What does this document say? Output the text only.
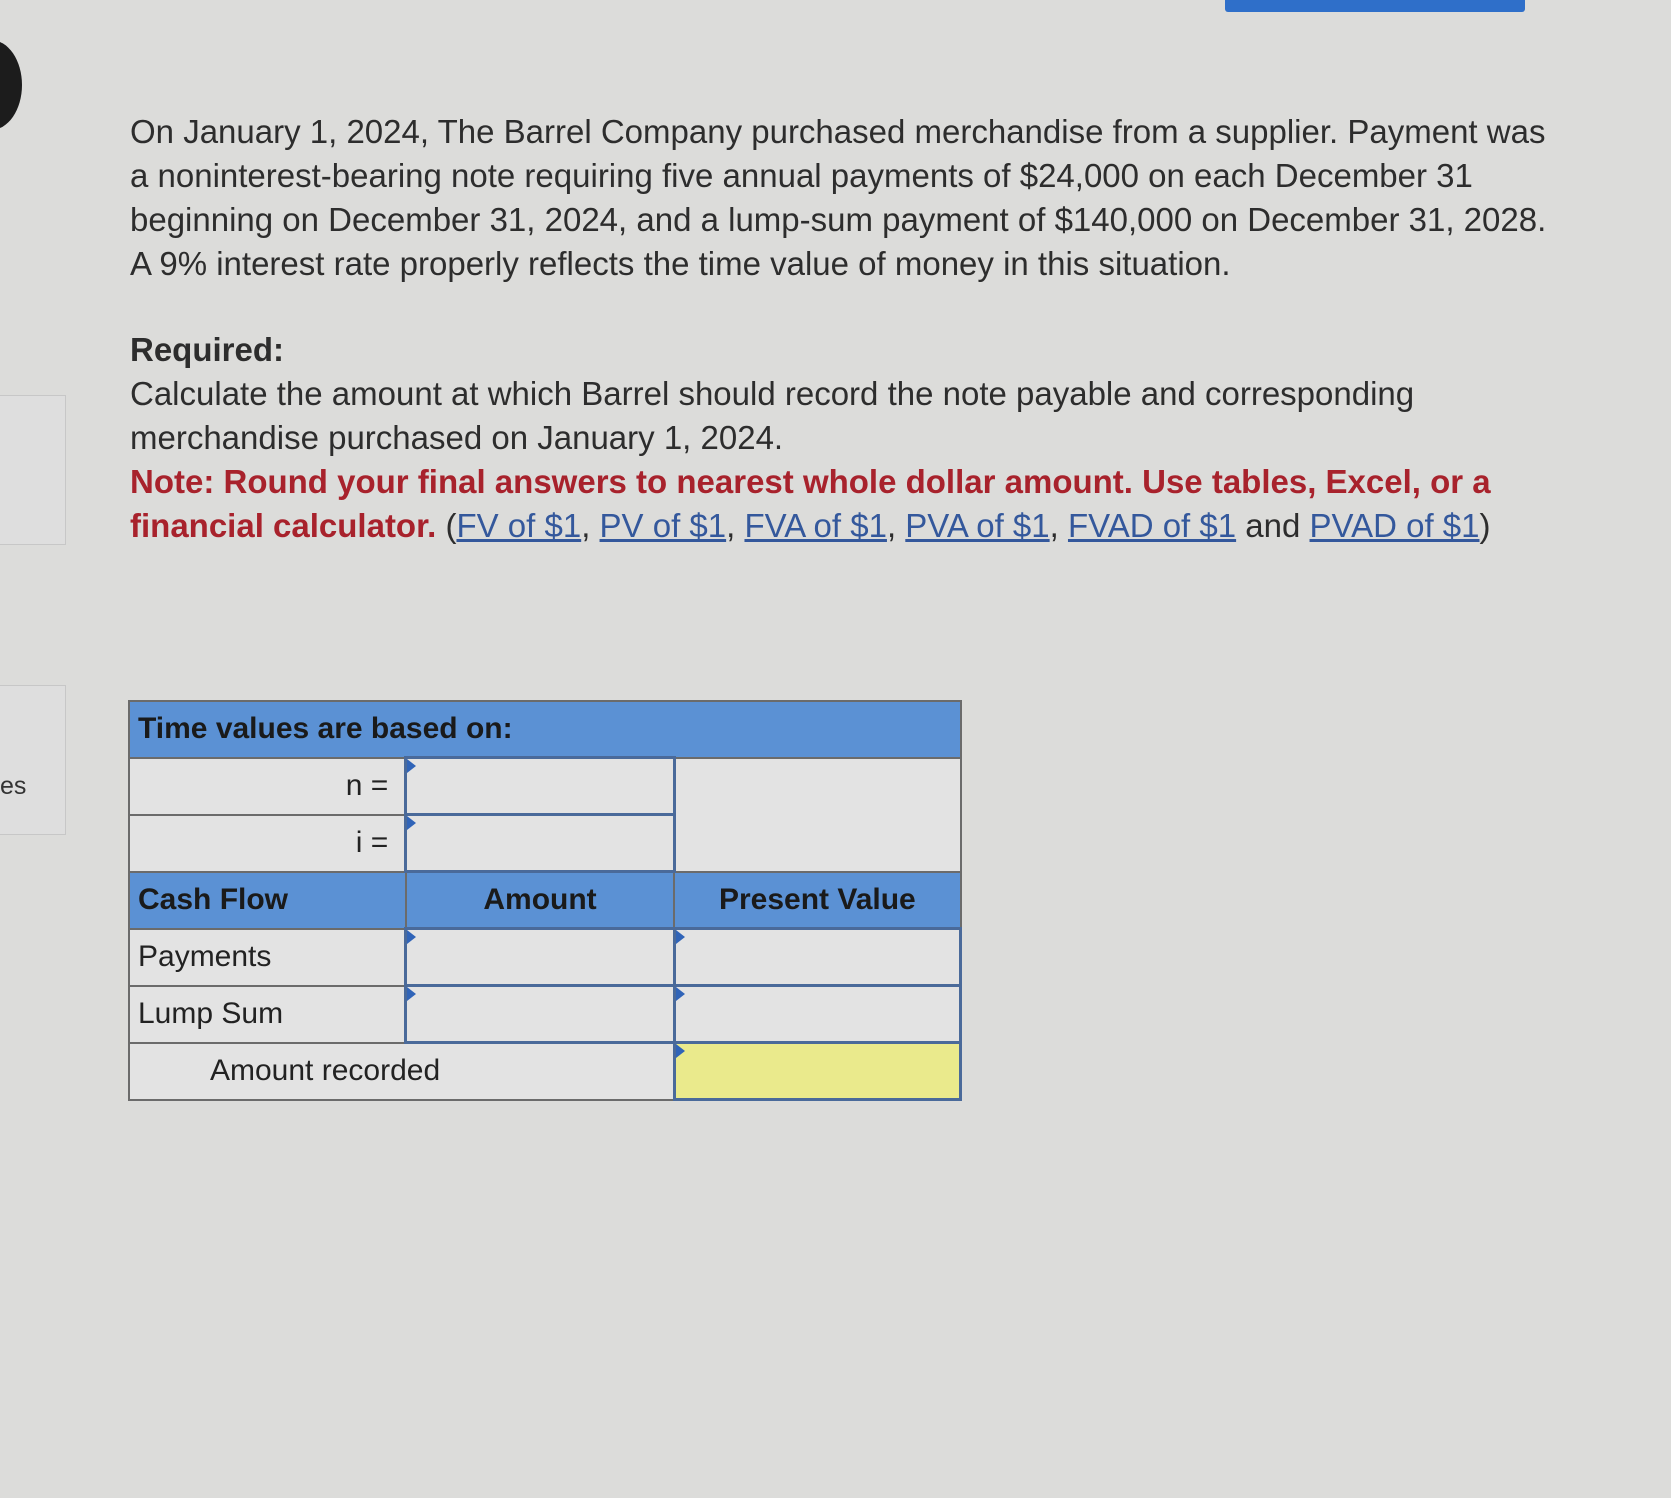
es

On January 1, 2024, The Barrel Company purchased merchandise from a supplier. Payment was a noninterest-bearing note requiring five annual payments of $24,000 on each December 31 beginning on December 31, 2024, and a lump-sum payment of $140,000 on December 31, 2028. A 9% interest rate properly reflects the time value of money in this situation.

Required:

Calculate the amount at which Barrel should record the note payable and corresponding merchandise purchased on January 1, 2024.

Note: Round your final answers to nearest whole dollar amount. Use tables, Excel, or a financial calculator. (FV of $1, PV of $1, FVA of $1, PVA of $1, FVAD of $1 and PVAD of $1)

Time values are based on:		
n =		
i =		
Cash Flow	Amount	Present Value
Payments		
Lump Sum		
Amount recorded		
